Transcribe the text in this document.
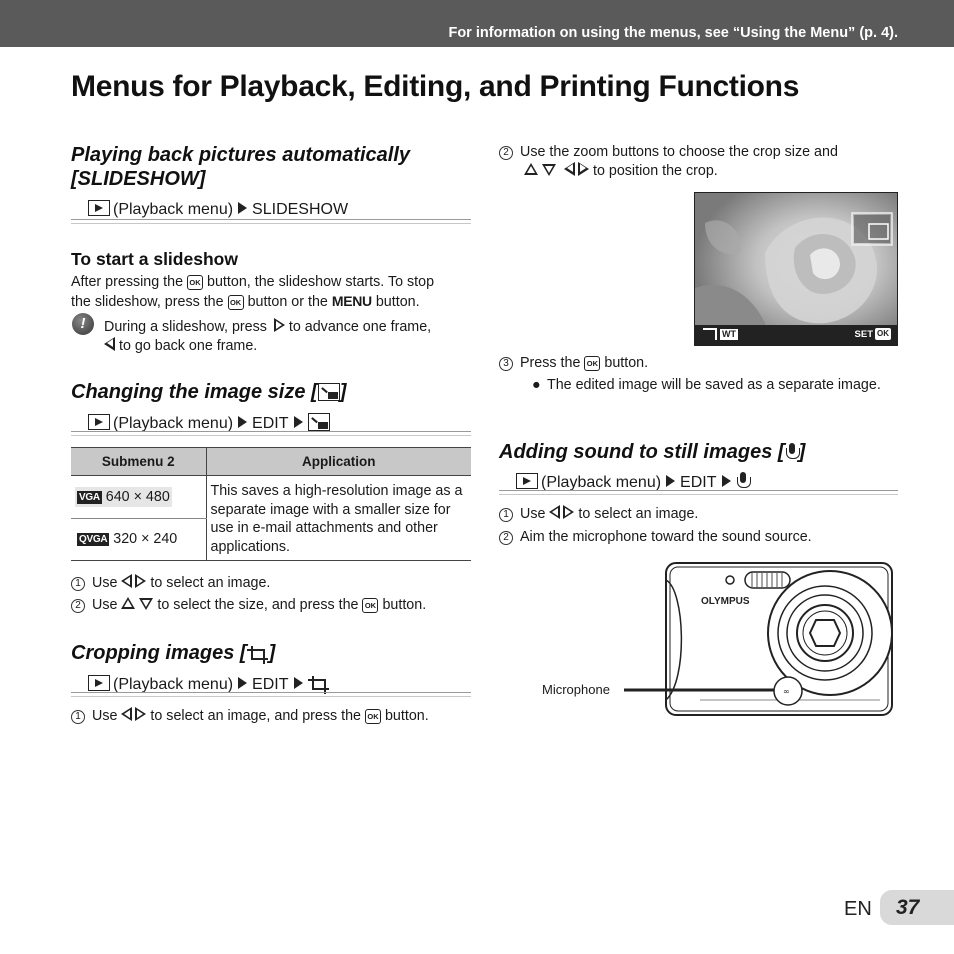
For information on using the menus, see “Using the Menu” (p. 4).
Menus for Playback, Editing, and Printing Functions
Playing back pictures automatically
[SLIDESHOW]
(Playback menu) SLIDESHOW
To start a slideshow
After pressing the OK button, the slideshow starts. To stop
the slideshow, press the OK button or the MENU button.
!	During a slideshow, press to advance one frame,
to go back one frame.
Changing the image size [ ]
(Playback menu) EDIT
Submenu 2	Application
VGA 640 × 480	This saves a high-resolution image as a separate image with a smaller size for use in e-mail attachments and other applications.
QVGA 320 × 240	
1 Use to select an image.
2 Use	to select the size, and press the OK button.
Cropping images [ ]
(Playback menu) EDIT
1 Use to select an image, and press the OK button.
2 Use the zoom buttons to choose the crop size and
to position the crop.
WT	SET OK
3 Press the OK button.
● The edited image will be saved as a separate image.
Adding sound to still images [ ]
(Playback menu) EDIT
1 Use to select an image.
2 Aim the microphone toward the sound source.
OLYMPUS
∞
Microphone
EN 37
